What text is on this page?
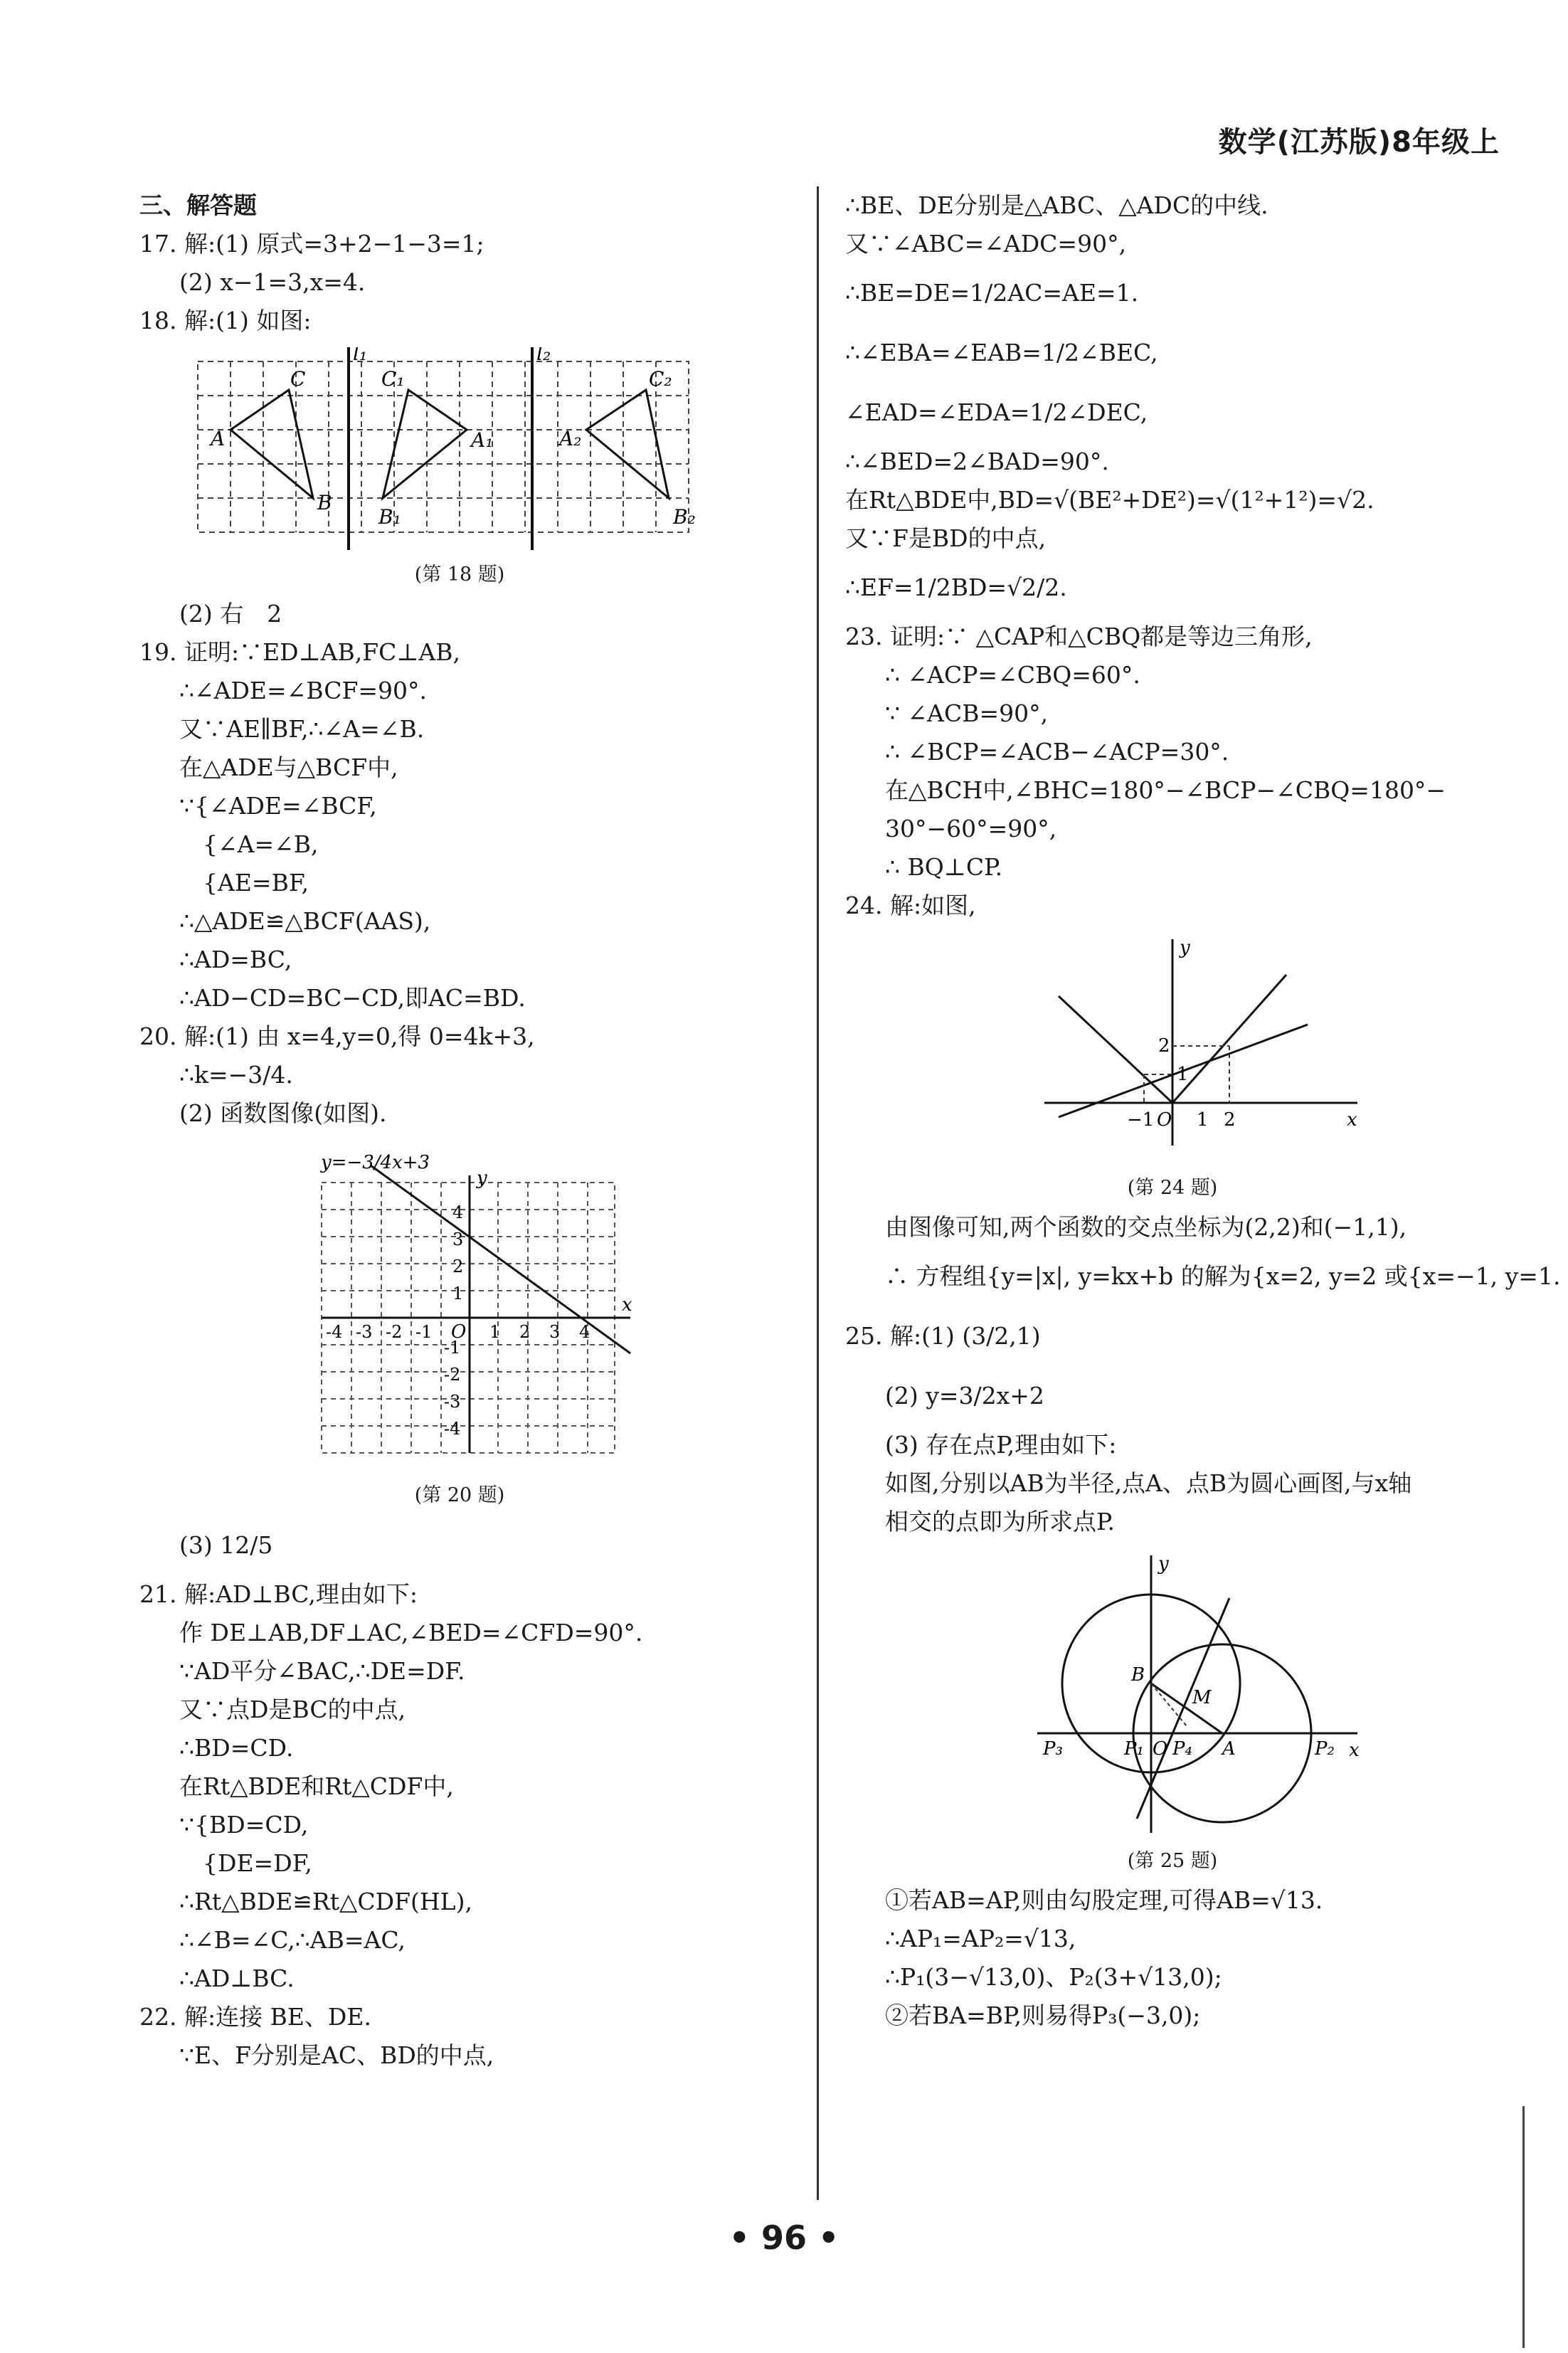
数学(江苏版)8年级上
三、解答题
17. 解:(1) 原式=3+2−1−3=1;
(2) x−1=3,x=4.
18. 解:(1) 如图:
l₁	l₂
A
B
C
A₁
B₁
C₁
A₂
B₂
C₂
(第 18 题)
(2) 右　2
19. 证明:∵ED⊥AB,FC⊥AB,
∴∠ADE=∠BCF=90°.
又∵AE∥BF,∴∠A=∠B.
在△ADE与△BCF中,
∵{∠ADE=∠BCF,
　{∠A=∠B,
　{AE=BF,
∴△ADE≌△BCF(AAS),
∴AD=BC,
∴AD−CD=BC−CD,即AC=BD.
20. 解:(1) 由 x=4,y=0,得 0=4k+3,
∴k=−3/4.
(2) 函数图像(如图).
y=−3/4x+3
x
y
O
-4 -3 -2 -1	1 2 3 4
4
3
2
1
-1
-2
-3
-4
(第 20 题)
(3) 12/5
21. 解:AD⊥BC,理由如下:
作 DE⊥AB,DF⊥AC,∠BED=∠CFD=90°.
∵AD平分∠BAC,∴DE=DF.
又∵点D是BC的中点,
∴BD=CD.
在Rt△BDE和Rt△CDF中,
∵{BD=CD,
　{DE=DF,
∴Rt△BDE≌Rt△CDF(HL),
∴∠B=∠C,∴AB=AC,
∴AD⊥BC.
22. 解:连接 BE、DE.
∵E、F分别是AC、BD的中点,
∴BE、DE分别是△ABC、△ADC的中线.
又∵∠ABC=∠ADC=90°,
∴BE=DE=1/2AC=AE=1.
∴∠EBA=∠EAB=1/2∠BEC,
∠EAD=∠EDA=1/2∠DEC,
∴∠BED=2∠BAD=90°.
在Rt△BDE中,BD=√(BE²+DE²)=√(1²+1²)=√2.
又∵F是BD的中点,
∴EF=1/2BD=√2/2.
23. 证明:∵ △CAP和△CBQ都是等边三角形,
∴ ∠ACP=∠CBQ=60°.
∵ ∠ACB=90°,
∴ ∠BCP=∠ACB−∠ACP=30°.
在△BCH中,∠BHC=180°−∠BCP−∠CBQ=180°−
30°−60°=90°,
∴ BQ⊥CP.
24. 解:如图,
y
x
O
−1 1 2
2
1
(第 24 题)
由图像可知,两个函数的交点坐标为(2,2)和(−1,1),
∴ 方程组{y=|x|, y=kx+b 的解为{x=2, y=2 或{x=−1, y=1.
25. 解:(1) (3/2,1)
(2) y=3/2x+2
(3) 存在点P,理由如下:
如图,分别以AB为半径,点A、点B为圆心画图,与x轴
相交的点即为所求点P.
y
x
B
M
A
O
P₁	P₂
P₃	P₄
(第 25 题)
①若AB=AP,则由勾股定理,可得AB=√13.
∴AP₁=AP₂=√13,
∴P₁(3−√13,0)、P₂(3+√13,0);
②若BA=BP,则易得P₃(−3,0);
• 96 •
